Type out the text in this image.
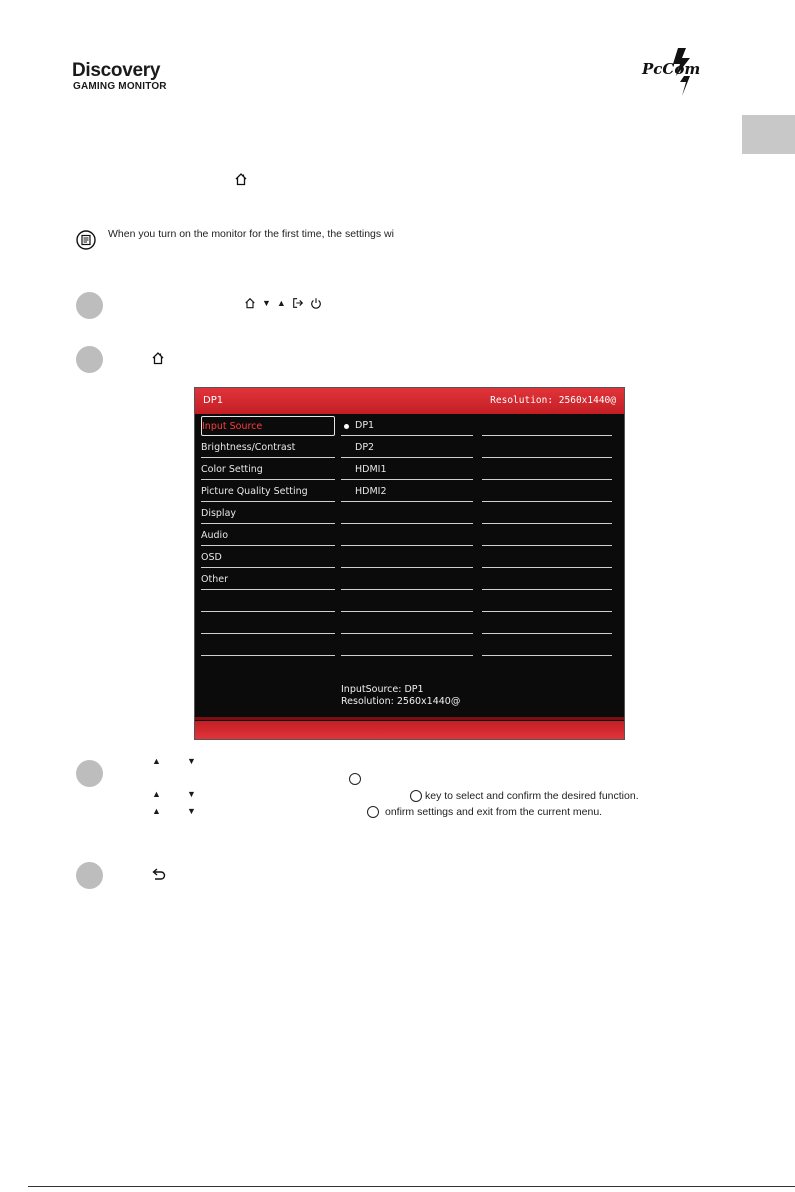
Discovery
GAMING MONITOR
PcCom
When you turn on the monitor for the first time, the settings wi
▼ ▲
DP1	Resolution: 2560x1440@
Input Source
Brightness/Contrast
Color Setting
Picture Quality Setting
Display
Audio
OSD
Other
DP1
DP2
HDMI1
HDMI2
InputSource: DP1
Resolution: 2560x1440@
▲	▼
▲	▼	key to select and confirm the desired function.
▲	▼	onfirm settings and exit from the current menu.
